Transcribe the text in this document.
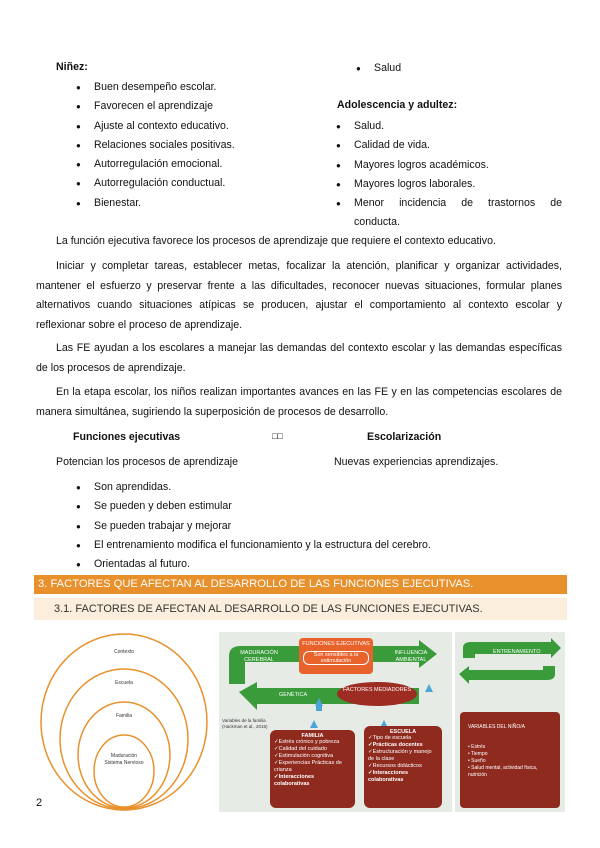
Niñez:
● Buen desempeño escolar.
● Favorecen el aprendizaje
● Ajuste al contexto educativo.
● Relaciones sociales positivas.
● Autorregulación emocional.
● Autorregulación conductual.
● Bienestar.
● Salud
Adolescencia y adultez:
● Salud.
● Calidad de vida.
● Mayores logros académicos.
● Mayores logros laborales.
● Menor incidencia de trastornos de
conducta.

La función ejecutiva favorece los procesos de aprendizaje que requiere el contexto educativo.

Iniciar y completar tareas, establecer metas, focalizar la atención, planificar y organizar actividades, mantener el esfuerzo y preservar frente a las dificultades, reconocer nuevas situaciones, formular planes alternativos cuando situaciones atípicas se producen, ajustar el comportamiento al contexto escolar y reflexionar sobre el proceso de aprendizaje.

Las FE ayudan a los escolares a manejar las demandas del contexto escolar y las demandas específicas de los procesos de aprendizaje.

En la etapa escolar, los niños realizan importantes avances en las FE y en las competencias escolares de manera simultánea, sugiriendo la superposición de procesos de desarrollo.

Funciones ejecutivas	□□	Escolarización
Potencian los procesos de aprendizaje	Nuevas experiencias aprendizajes.
● Son aprendidas.
● Se pueden y deben estimular
● Se pueden trabajar y mejorar
● El entrenamiento modifica el funcionamiento y la estructura del cerebro.
● Orientadas al futuro.
3. FACTORES QUE AFECTAN AL DESARROLLO DE LAS FUNCIONES EJECUTIVAS.
3.1. FACTORES DE AFECTAN AL DESARROLLO DE LAS FUNCIONES EJECUTIVAS.
Contexto
Escuela
Familia
Maduración
Sistema Nervioso
MADURACIÓN CEREBRAL
FUNCIONES EJECUTIVAS
Son sensibles a la estimulación
INFLUENCIA AMBIENTAL
GENÉTICA
FACTORES MEDIADORES
Variables de la familia (Hackman et al., 2015)
FAMILIA
✓Estrés crónico y pobreza
✓Calidad del cuidado
✓Estimulación cognitiva
✓Experiencias Prácticas de crianza
✓Interacciones colaborativas
ESCUELA
✓Tipo de escuela
✓Prácticas docentes
✓Estructuración y manejo de la clase
✓Recursos didácticos
✓Interacciones colaborativas
ENTRENAMIENTO
VARIABLES DEL NIÑO/A
• Estrés
• Tiempo
• Sueño
• Salud mental, actividad física, nutrición
2
